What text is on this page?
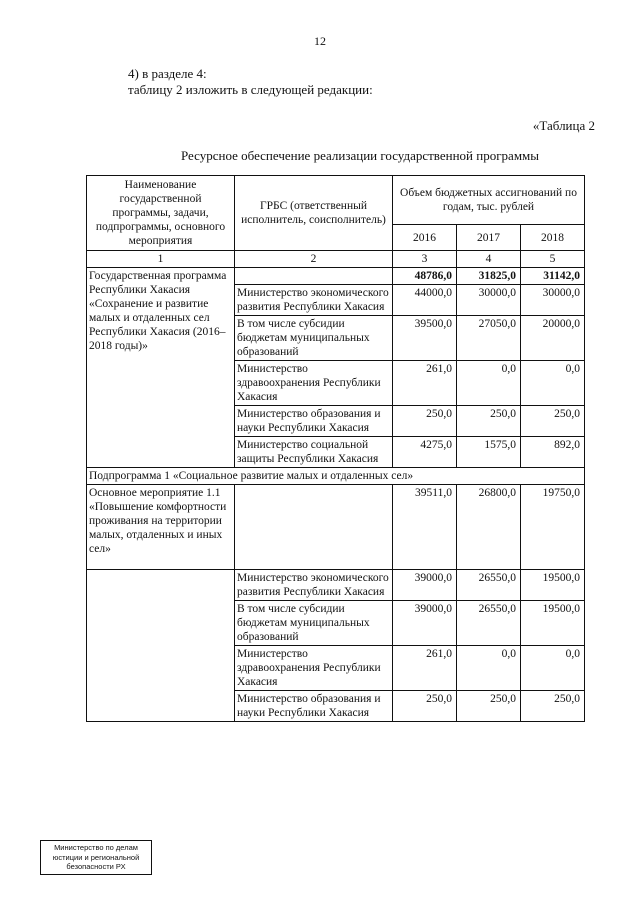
12
4) в разделе 4:
таблицу 2 изложить в следующей редакции:
«Таблица 2
Ресурсное обеспечение реализации государственной программы
Наименование государственной программы, задачи, подпрограммы, основного мероприятия	ГРБС (ответственный исполнитель, соисполнитель)	Объем бюджетных ассигнований по годам, тыс. рублей		
		2016	2017	2018
1	2	3	4	5
Государственная программа Республики Хакасия «Сохранение и развитие малых и отдаленных сел Республики Хакасия (2016–2018 годы)»		48786,0	31825,0	31142,0
	Министерство экономического развития Республики Хакасия	44000,0	30000,0	30000,0
	В том числе субсидии бюджетам муниципальных образований	39500,0	27050,0	20000,0
	Министерство здравоохранения Республики Хакасия	261,0	0,0	0,0
	Министерство образования и науки Республики Хакасия	250,0	250,0	250,0
	Министерство социальной защиты Республики Хакасия	4275,0	1575,0	892,0
Подпрограмма 1 «Социальное развитие малых и отдаленных сел»				
Основное мероприятие 1.1 «Повышение комфортности проживания на территории малых, отдаленных и иных сел»		39511,0	26800,0	19750,0
	Министерство экономического развития Республики Хакасия	39000,0	26550,0	19500,0
	В том числе субсидии бюджетам муниципальных образований	39000,0	26550,0	19500,0
	Министерство здравоохранения Республики Хакасия	261,0	0,0	0,0
	Министерство образования и науки Республики Хакасия	250,0	250,0	250,0
Министерство по делам
юстиции и региональной
безопасности РХ
